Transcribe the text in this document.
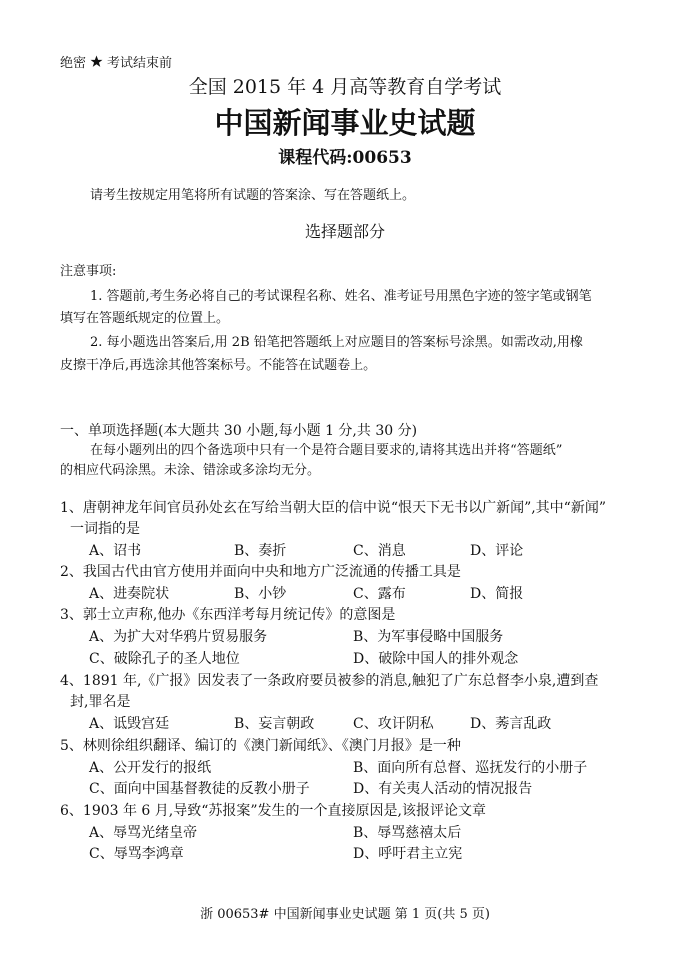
绝密 考试结束前
全国 2015 年 4 月高等教育自学考试
中国新闻事业史试题
课程代码:00653
请考生按规定用笔将所有试题的答案涂、写在答题纸上。
选择题部分
注意事项:
1. 答题前,考生务必将自己的考试课程名称、姓名、准考证号用黑色字迹的签字笔或钢笔
填写在答题纸规定的位置上。
2. 每小题选出答案后,用 2B 铅笔把答题纸上对应题目的答案标号涂黑。如需改动,用橡
皮擦干净后,再选涂其他答案标号。不能答在试题卷上。
一、单项选择题(本大题共 30 小题,每小题 1 分,共 30 分)
在每小题列出的四个备选项中只有一个是符合题目要求的,请将其选出并将“答题纸”
的相应代码涂黑。未涂、错涂或多涂均无分。
1、唐朝神龙年间官员孙处玄在写给当朝大臣的信中说“恨天下无书以广新闻”,其中“新闻”
一词指的是
A、诏书	B、奏折	C、消息	D、评论
2、我国古代由官方使用并面向中央和地方广泛流通的传播工具是
A、进奏院状	B、小钞	C、露布	D、简报
3、郭士立声称,他办《东西洋考每月统记传》的意图是
A、为扩大对华鸦片贸易服务	B、为军事侵略中国服务
C、破除孔子的圣人地位	D、破除中国人的排外观念
4、1891 年,《广报》因发表了一条政府要员被参的消息,触犯了广东总督李小泉,遭到查
封,罪名是
A、诋毁宫廷	B、妄言朝政	C、攻讦阴私	D、莠言乱政
5、林则徐组织翻译、编订的《澳门新闻纸》、《澳门月报》是一种
A、公开发行的报纸	B、面向所有总督、巡抚发行的小册子
C、面向中国基督教徒的反教小册子	D、有关夷人活动的情况报告
6、1903 年 6 月,导致“苏报案”发生的一个直接原因是,该报评论文章
A、辱骂光绪皇帝	B、辱骂慈禧太后
C、辱骂李鸿章	D、呼吁君主立宪
浙 00653# 中国新闻事业史试题 第 1 页(共 5 页)
